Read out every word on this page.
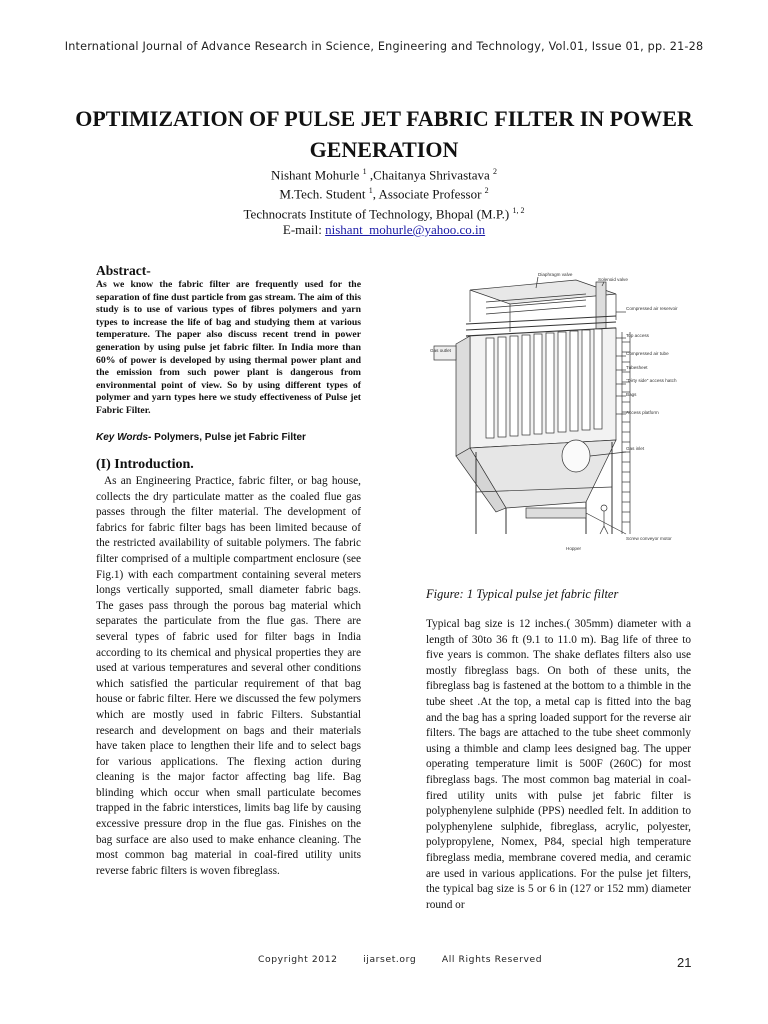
International Journal of Advance Research in Science, Engineering and Technology, Vol.01, Issue 01, pp. 21-28
OPTIMIZATION OF PULSE JET FABRIC FILTER IN POWER GENERATION
Nishant Mohurle $^1$ ,Chaitanya Shrivastava $^2$
M.Tech. Student $^1$, Associate Professor $^2$
Technocrats Institute of Technology, Bhopal (M.P.) $^{1, 2}$
E-mail: nishant_mohurle@yahoo.co.in
Abstract-
As we know the fabric filter are frequently used for the separation of fine dust particle from gas stream. The aim of this study is to use of various types of fibres polymers and yarn types to increase the life of bag and studying them at various temperature. The paper also discuss recent trend in power generation by using pulse jet fabric filter. In India more than 60% of power is developed by using thermal power plant and the emission from such power plant is dangerous from environmental point of view. So by using different types of polymer and yarn types here we study effectiveness of Pulse jet Fabric Filter.
Key Words- Polymers, Pulse jet Fabric Filter
(I) Introduction.
As an Engineering Practice, fabric filter, or bag house, collects the dry particulate matter as the coaled flue gas passes through the filter material. The development of fabrics for fabric filter bags has been limited because of the restricted availability of suitable polymers. The fabric filter comprised of a multiple compartment enclosure (see Fig.1) with each compartment containing several meters longs vertically supported, small diameter fabric bags. The gases pass through the porous bag material which separates the particulate from the flue gas. There are several types of fabric used for filter bags in India according to its chemical and physical properties they are used at various temperatures and several other conditions which satisfied the particular requirement of that bag house or fabric filter. Here we discussed the few polymers which are mostly used in fabric Filters. Substantial research and development on bags and their materials have taken place to lengthen their life and to select bags for various applications. The flexing action during cleaning is the major factor affecting bag life. Bag blinding which occur when small particulate becomes trapped in the fabric interstices, limits bag life by causing excessive pressure drop in the flue gas. Finishes on the bag surface are also used to make enhance cleaning. The most common bag material in coal-fired utility units reverse fabric filters is woven fibreglass.
Diaphragm valve
Solenoid valve
Compressed air reservoir
Top access
Compressed air tube
Tubesheet
"Dirty side" access hatch
Bags
Access platform
Gas outlet
Gas inlet
Screw conveyor motor
Hopper
Figure: 1 Typical pulse jet fabric filter
Typical bag size is 12 inches.( 305mm) diameter with a length of 30to 36 ft (9.1 to 11.0 m). Bag life of three to five years is common. The shake deflates filters also use mostly fibreglass bags. On both of these units, the fibreglass bag is fastened at the bottom to a thimble in the tube sheet .At the top, a metal cap is fitted into the bag and the bag has a spring loaded support for the reverse air filters. The bags are attached to the tube sheet commonly using a thimble and clamp lees designed bag. The upper operating temperature limit is 500F (260C) for most fibreglass bags. The most common bag material in coal-fired utility units with pulse jet fabric filter is polyphenylene sulphide (PPS) needled felt. In addition to polyphenylene sulphide, fibreglass, acrylic, polyester, polypropylene, Nomex, P84, special high temperature fibreglass media, membrane covered media, and ceramic are used in various applications. For the pulse jet filters, the typical bag size is 5 or 6 in (127 or 152 mm) diameter round or
Copyright 2012	ijarset.org	All Rights Reserved	21
